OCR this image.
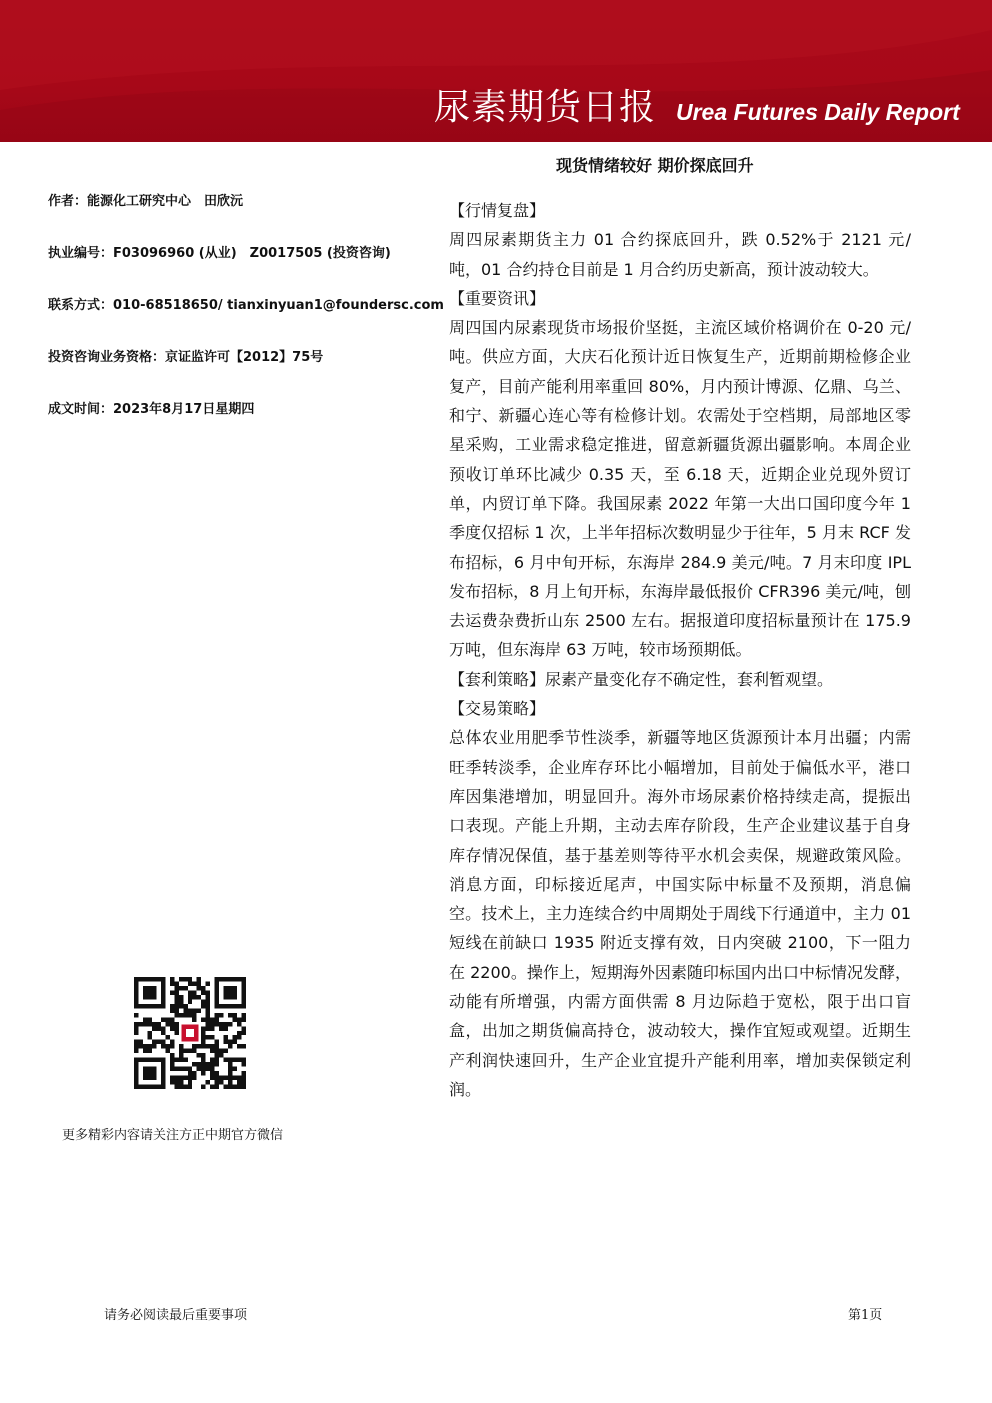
尿素期货日报 Urea Futures Daily Report
现货情绪较好 期价探底回升
作者：能源化工研究中心　田欣沅
执业编号：F03096960 (从业)　Z0017505 (投资咨询)
联系方式：010-68518650/ tianxinyuan1@foundersc.com
投资咨询业务资格：京证监许可【2012】75号
成文时间：2023年8月17日星期四

【行情复盘】

周四尿素期货主力 01 合约探底回升，跌 0.52%于 2121 元/吨，01 合约持仓目前是 1 月合约历史新高，预计波动较大。

【重要资讯】

周四国内尿素现货市场报价坚挺，主流区域价格调价在 0-20 元/吨。供应方面，大庆石化预计近日恢复生产，近期前期检修企业复产，目前产能利用率重回 80%，月内预计博源、亿鼎、乌兰、和宁、新疆心连心等有检修计划。农需处于空档期，局部地区零星采购，工业需求稳定推进，留意新疆货源出疆影响。本周企业预收订单环比减少 0.35 天，至 6.18 天，近期企业兑现外贸订单，内贸订单下降。我国尿素 2022 年第一大出口国印度今年 1 季度仅招标 1 次，上半年招标次数明显少于往年，5 月末 RCF 发布招标，6 月中旬开标，东海岸 284.9 美元/吨。7 月末印度 IPL 发布招标，8 月上旬开标，东海岸最低报价 CFR396 美元/吨，刨去运费杂费折山东 2500 左右。据报道印度招标量预计在 175.9 万吨，但东海岸 63 万吨，较市场预期低。

【套利策略】尿素产量变化存不确定性，套利暂观望。

【交易策略】

总体农业用肥季节性淡季，新疆等地区货源预计本月出疆；内需旺季转淡季，企业库存环比小幅增加，目前处于偏低水平，港口库因集港增加，明显回升。海外市场尿素价格持续走高，提振出口表现。产能上升期，主动去库存阶段，生产企业建议基于自身库存情况保值，基于基差则等待平水机会卖保，规避政策风险。消息方面，印标接近尾声，中国实际中标量不及预期，消息偏空。技术上，主力连续合约中周期处于周线下行通道中，主力 01 短线在前缺口 1935 附近支撑有效，日内突破 2100，下一阻力在 2200。操作上，短期海外因素随印标国内出口中标情况发酵，动能有所增强，内需方面供需 8 月边际趋于宽松，限于出口盲盒，出加之期货偏高持仓，波动较大，操作宜短或观望。近期生产利润快速回升，生产企业宜提升产能利用率，增加卖保锁定利润。

更多精彩内容请关注方正中期官方微信
请务必阅读最后重要事项	第1页
